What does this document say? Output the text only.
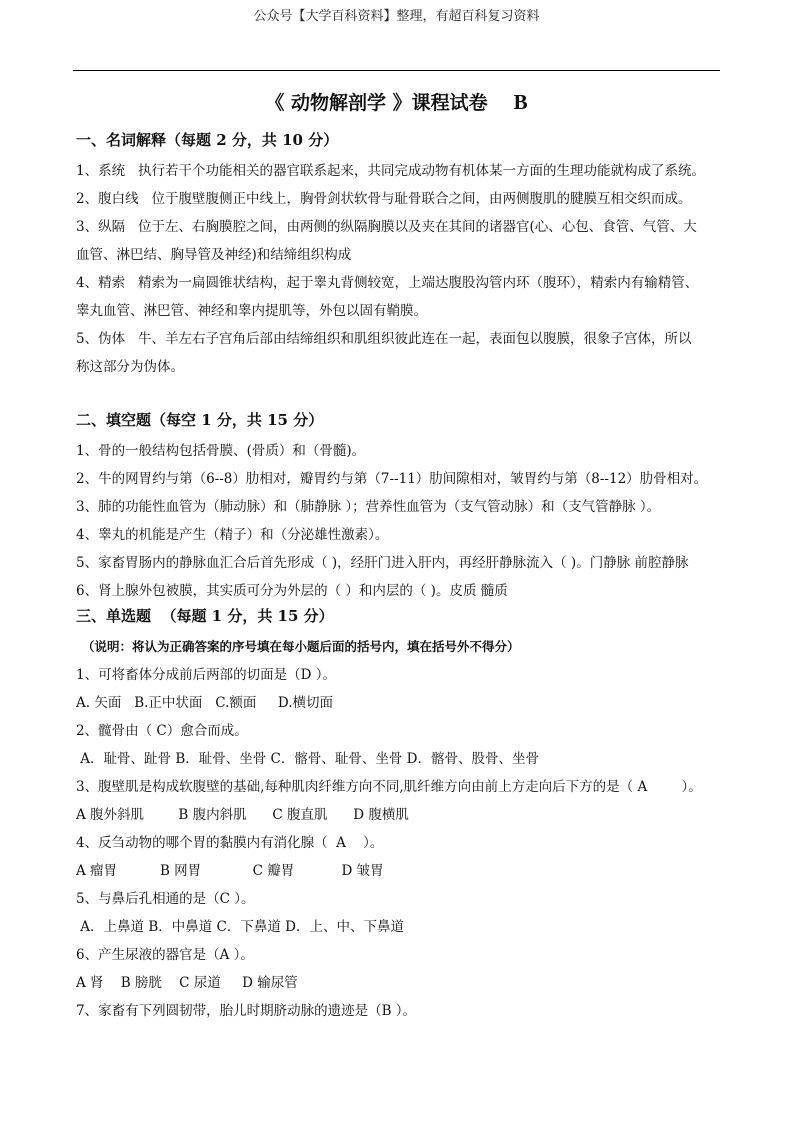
公众号【大学百科资料】整理，有超百科复习资料
《 动物解剖学 》课程试卷 B
一、名词解释（每题 2 分，共 10 分）
1、系统   执行若干个功能相关的器官联系起来，共同完成动物有机体某一方面的生理功能就构成了系统。
2、腹白线   位于腹壁腹侧正中线上，胸骨剑状软骨与耻骨联合之间，由两侧腹肌的腱膜互相交织而成。
3、纵隔   位于左、右胸膜腔之间，由两侧的纵隔胸膜以及夹在其间的诸器官(心、心包、食管、气管、大
血管、淋巴结、胸导管及神经)和结缔组织构成
4、精索   精索为一扁圆锥状结构，起于睾丸背侧较宽，上端达腹股沟管内环（腹环），精索内有输精管、
睾丸血管、淋巴管、神经和睾内提肌等，外包以固有鞘膜。
5、伪体   牛、羊左右子宫角后部由结缔组织和肌组织彼此连在一起，表面包以腹膜，很象子宫体，所以
称这部分为伪体。
二、填空题（每空 1 分，共 15 分）
1、骨的一般结构包括骨膜、(骨质）和（骨髓)。
2、牛的网胃约与第（6--8）肋相对，瓣胃约与第（7--11）肋间隙相对，皱胃约与第（8--12）肋骨相对。
3、肺的功能性血管为（肺动脉）和（肺静脉 ）；营养性血管为（支气管动脉）和（支气管静脉 ）。
4、睾丸的机能是产生（精子）和（分泌雄性激素）。
5、家畜胃肠内的静脉血汇合后首先形成（ )，经肝门进入肝内，再经肝静脉流入（ )。门静脉 前腔静脉
6、肾上腺外包被膜，其实质可分为外层的（ ）和内层的（ )。皮质 髓质
三、单选题  （每题 1 分，共 15 分）
（说明：将认为正确答案的序号填在每小题后面的括号内，填在括号外不得分）
1、可将畜体分成前后两部的切面是（D ）。
A. 矢面   B.正中状面   C.额面     D.横切面
2、髋骨由（ C）愈合而成。
A．耻骨、趾骨 B．耻骨、坐骨 C．髂骨、耻骨、坐骨 D．髂骨、股骨、坐骨
3、腹壁肌是构成软腹壁的基础,每种肌肉纤维方向不同,肌纤维方向由前上方走向后下方的是（ A        ）。
A 腹外斜肌        B 腹内斜肌      C 腹直肌      D 腹横肌
4、反刍动物的哪个胃的黏膜内有消化腺（  A    ）。
A 瘤胃          B 网胃            C 瓣胃           D 皱胃
5、与鼻后孔相通的是（C ）。
A．上鼻道 B．中鼻道 C．下鼻道 D．上、中、下鼻道
6、产生尿液的器官是（A ）。
A 肾    B 膀胱    C 尿道     D 输尿管
7、家畜有下列圆韧带，胎儿时期脐动脉的遗迹是（B ）。
